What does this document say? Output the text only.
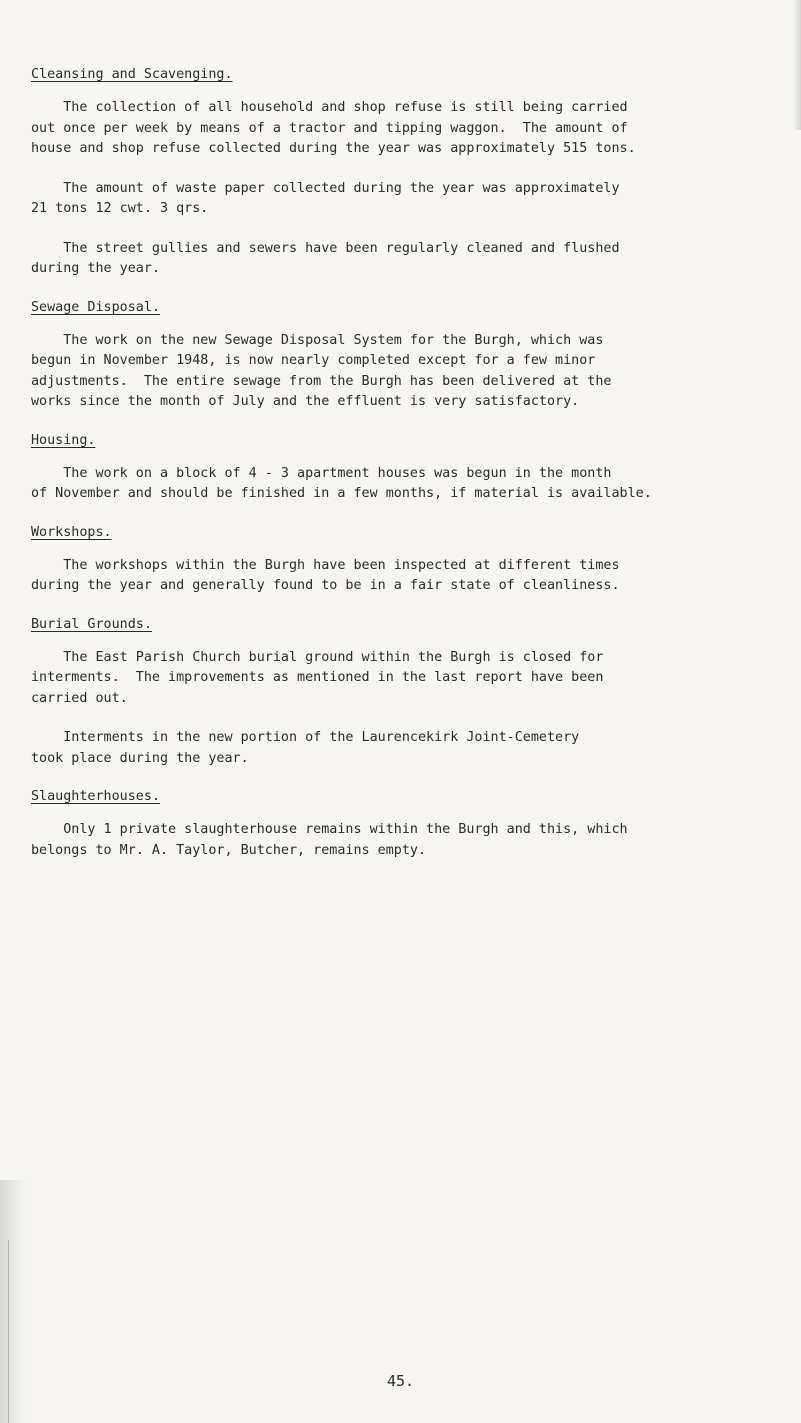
Cleansing and Scavenging.

The collection of all household and shop refuse is still being carried
out once per week by means of a tractor and tipping waggon.  The amount of
house and shop refuse collected during the year was approximately 515 tons.

The amount of waste paper collected during the year was approximately
21 tons 12 cwt. 3 qrs.

The street gullies and sewers have been regularly cleaned and flushed
during the year.

Sewage Disposal.

The work on the new Sewage Disposal System for the Burgh, which was
begun in November 1948, is now nearly completed except for a few minor
adjustments.  The entire sewage from the Burgh has been delivered at the
works since the month of July and the effluent is very satisfactory.

Housing.

The work on a block of 4 - 3 apartment houses was begun in the month
of November and should be finished in a few months, if material is available.

Workshops.

The workshops within the Burgh have been inspected at different times
during the year and generally found to be in a fair state of cleanliness.

Burial Grounds.

The East Parish Church burial ground within the Burgh is closed for
interments.  The improvements as mentioned in the last report have been
carried out.

Interments in the new portion of the Laurencekirk Joint-Cemetery
took place during the year.

Slaughterhouses.

Only 1 private slaughterhouse remains within the Burgh and this, which
belongs to Mr. A. Taylor, Butcher, remains empty.

45.
